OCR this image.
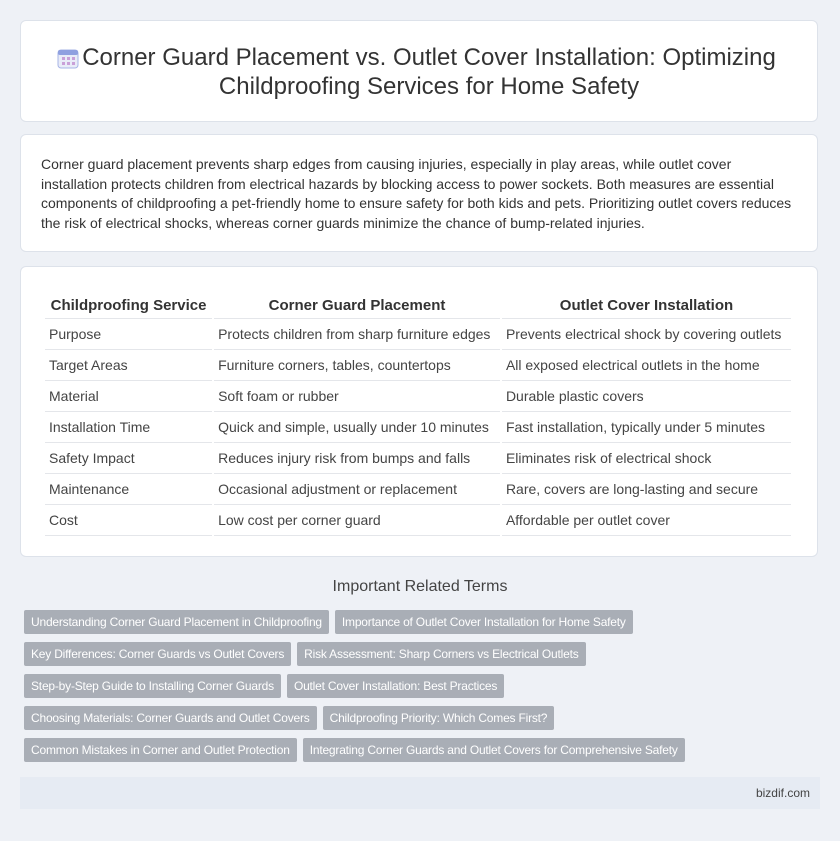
Corner Guard Placement vs. Outlet Cover Installation: Optimizing Childproofing Services for Home Safety

Corner guard placement prevents sharp edges from causing injuries, especially in play areas, while outlet cover installation protects children from electrical hazards by blocking access to power sockets. Both measures are essential components of childproofing a pet-friendly home to ensure safety for both kids and pets. Prioritizing outlet covers reduces the risk of electrical shocks, whereas corner guards minimize the chance of bump-related injuries.

Childproofing Service	Corner Guard Placement	Outlet Cover Installation
Purpose	Protects children from sharp furniture edges	Prevents electrical shock by covering outlets
Target Areas	Furniture corners, tables, countertops	All exposed electrical outlets in the home
Material	Soft foam or rubber	Durable plastic covers
Installation Time	Quick and simple, usually under 10 minutes	Fast installation, typically under 5 minutes
Safety Impact	Reduces injury risk from bumps and falls	Eliminates risk of electrical shock
Maintenance	Occasional adjustment or replacement	Rare, covers are long-lasting and secure
Cost	Low cost per corner guard	Affordable per outlet cover
Important Related Terms
Understanding Corner Guard Placement in Childproofing Importance of Outlet Cover Installation for Home Safety
Key Differences: Corner Guards vs Outlet Covers Risk Assessment: Sharp Corners vs Electrical Outlets
Step-by-Step Guide to Installing Corner Guards Outlet Cover Installation: Best Practices
Choosing Materials: Corner Guards and Outlet Covers Childproofing Priority: Which Comes First?
Common Mistakes in Corner and Outlet Protection Integrating Corner Guards and Outlet Covers for Comprehensive Safety
bizdif.com
